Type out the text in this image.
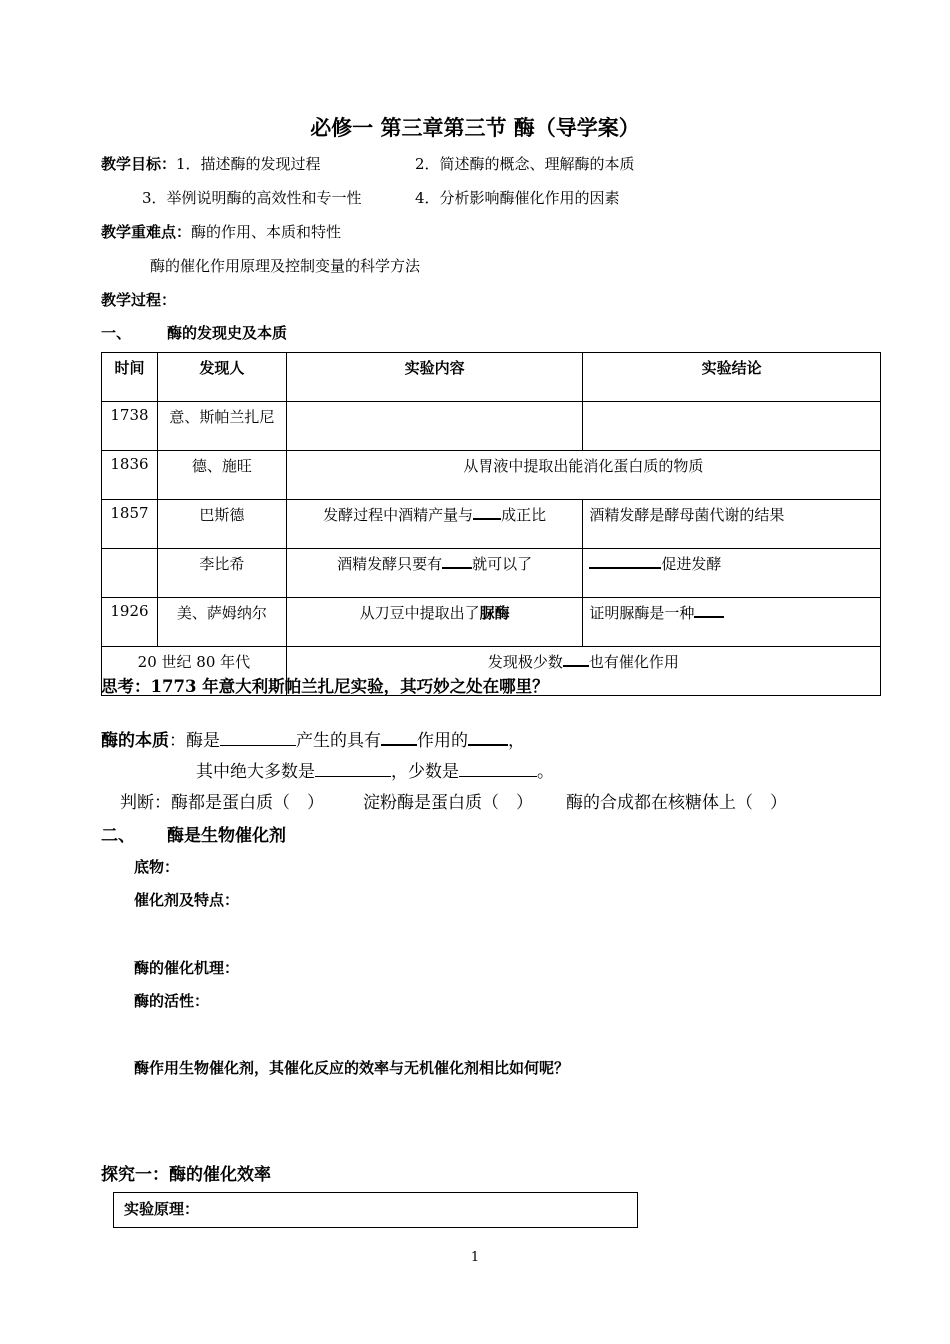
必修一 第三章第三节 酶（导学案）
教学目标：1．描述酶的发现过程	2．简述酶的概念、理解酶的本质
3．举例说明酶的高效性和专一性	4．分析影响酶催化作用的因素
教学重难点：酶的作用、本质和特性
酶的催化作用原理及控制变量的科学方法
教学过程：
一、 酶的发现史及本质
时间	发现人	实验内容	实验结论
1738	意、斯帕兰扎尼		
1836	德、施旺	从胃液中提取出能消化蛋白质的物质	
1857	巴斯德	发酵过程中酒精产量与 成正比	酒精发酵是酵母菌代谢的结果
	李比希	酒精发酵只要有 就可以了	促进发酵
1926	美、萨姆纳尔	从刀豆中提取出了脲酶	证明脲酶是一种
20 世纪 80 年代		发现极少数 也有催化作用	
思考：1773 年意大利斯帕兰扎尼实验，其巧妙之处在哪里？
酶的本质：酶是	产生的具有 作用的 ，
其中绝大多数是	，少数是	。
判断：酶都是蛋白质（　） 淀粉酶是蛋白质（　） 酶的合成都在核糖体上（　）
二、 酶是生物催化剂
底物：
催化剂及特点：
酶的催化机理：
酶的活性：
酶作用生物催化剂，其催化反应的效率与无机催化剂相比如何呢？
探究一：酶的催化效率
实验原理：
1
